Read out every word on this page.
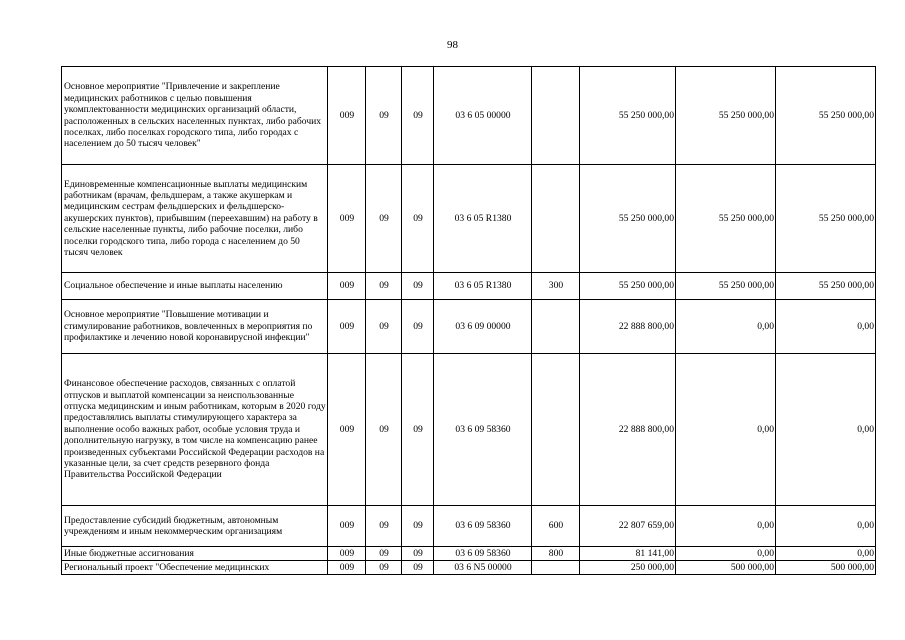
98
Основное мероприятие "Привлечение и закрепление медицинских работников с целью повышения укомплектованности медицинских организаций области, расположенных в сельских населенных пунктах, либо рабочих поселках, либо поселках городского типа, либо городах с населением до 50 тысяч человек"	009	09	09	03 6 05 00000		55 250 000,00	55 250 000,00	55 250 000,00
Единовременные компенсационные выплаты медицинским работникам (врачам, фельдшерам, а также акушеркам и медицинским сестрам фельдшерских и фельдшерско-акушерских пунктов), прибывшим (переехавшим) на работу в сельские населенные пункты, либо рабочие поселки, либо поселки городского типа, либо города с населением до 50 тысяч человек	009	09	09	03 6 05 R1380		55 250 000,00	55 250 000,00	55 250 000,00
Социальное обеспечение и иные выплаты населению	009	09	09	03 6 05 R1380	300	55 250 000,00	55 250 000,00	55 250 000,00
Основное мероприятие "Повышение мотивации и стимулирование работников, вовлеченных в мероприятия по профилактике и лечению новой коронавирусной инфекции"	009	09	09	03 6 09 00000		22 888 800,00	0,00	0,00
Финансовое обеспечение расходов, связанных с оплатой отпусков и выплатой компенсации за неиспользованные отпуска медицинским и иным работникам, которым в 2020 году предоставлялись выплаты стимулирующего характера за выполнение особо важных работ, особые условия труда и дополнительную нагрузку, в том числе на компенсацию ранее произведенных субъектами Российской Федерации расходов на указанные цели, за счет средств резервного фонда Правительства Российской Федерации	009	09	09	03 6 09 58360		22 888 800,00	0,00	0,00
Предоставление субсидий бюджетным, автономным учреждениям и иным некоммерческим организациям	009	09	09	03 6 09 58360	600	22 807 659,00	0,00	0,00
Иные бюджетные ассигнования	009	09	09	03 6 09 58360	800	81 141,00	0,00	0,00
Региональный проект "Обеспечение медицинских	009	09	09	03 6 N5 00000		250 000,00	500 000,00	500 000,00
